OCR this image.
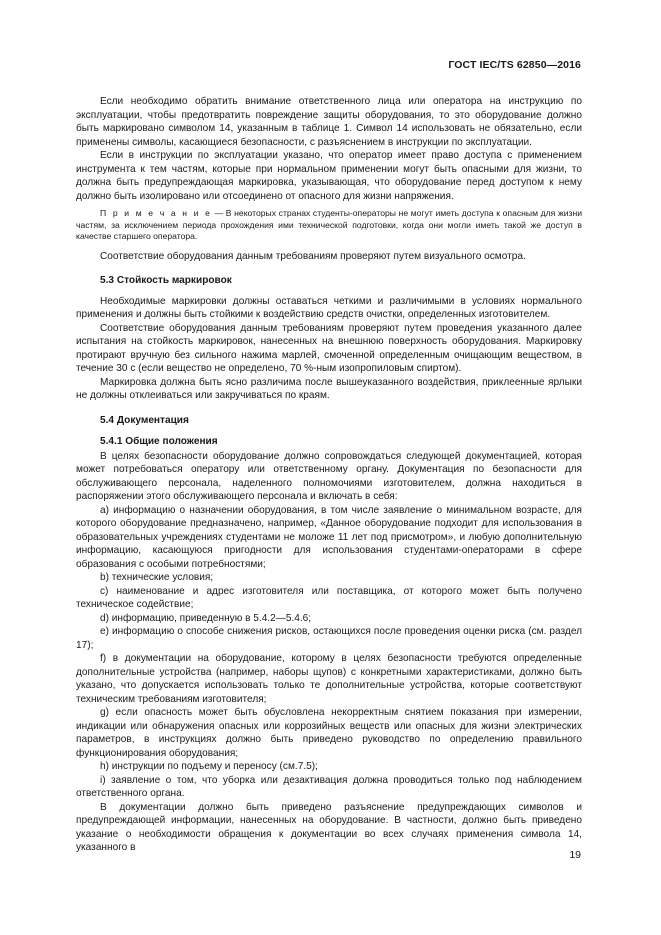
ГОСТ IEC/TS 62850—2016

Если необходимо обратить внимание ответственного лица или оператора на инструкцию по эксплуатации, чтобы предотвратить повреждение защиты оборудования, то это оборудование должно быть маркировано символом 14, указанным в таблице 1. Символ 14 использовать не обязательно, если применены символы, касающиеся безопасности, с разъяснением в инструкции по эксплуатации.

Если в инструкции по эксплуатации указано, что оператор имеет право доступа с применением инструмента к тем частям, которые при нормальном применении могут быть опасными для жизни, то должна быть предупреждающая маркировка, указывающая, что оборудование перед доступом к нему должно быть изолировано или отсоединено от опасного для жизни напряжения.

П р и м е ч а н и е — В некоторых странах студенты-операторы не могут иметь доступа к опасным для жизни частям, за исключением периода прохождения ими технической подготовки, когда они могли иметь такой же доступ в качестве старшего оператора.

Соответствие оборудования данным требованиям проверяют путем визуального осмотра.

5.3 Стойкость маркировок

Необходимые маркировки должны оставаться четкими и различимыми в условиях нормального применения и должны быть стойкими к воздействию средств очистки, определенных изготовителем.

Соответствие оборудования данным требованиям проверяют путем проведения указанного далее испытания на стойкость маркировок, нанесенных на внешнюю поверхность оборудования. Маркировку протирают вручную без сильного нажима марлей, смоченной определенным очищающим веществом, в течение 30 с (если вещество не определено, 70 %-ным изопропиловым спиртом).

Маркировка должна быть ясно различима после вышеуказанного воздействия, приклеенные ярлыки не должны отклеиваться или закручиваться по краям.

5.4 Документация

5.4.1 Общие положения

В целях безопасности оборудование должно сопровождаться следующей документацией, которая может потребоваться оператору или ответственному органу. Документация по безопасности для обслуживающего персонала, наделенного полномочиями изготовителем, должна находиться в распоряжении этого обслуживающего персонала и включать в себя:

a) информацию о назначении оборудования, в том числе заявление о минимальном возрасте, для которого оборудование предназначено, например, «Данное оборудование подходит для использования в образовательных учреждениях студентами не моложе 11 лет под присмотром», и любую дополнительную информацию, касающуюся пригодности для использования студентами-операторами в сфере образования с особыми потребностями;

b) технические условия;

c) наименование и адрес изготовителя или поставщика, от которого может быть получено техническое содействие;

d) информацию, приведенную в 5.4.2—5.4.6;

e) информацию о способе снижения рисков, остающихся после проведения оценки риска (см. раздел 17);

f) в документации на оборудование, которому в целях безопасности требуются определенные дополнительные устройства (например, наборы щупов) с конкретными характеристиками, должно быть указано, что допускается использовать только те дополнительные устройства, которые соответствуют техническим требованиям изготовителя;

g) если опасность может быть обусловлена некорректным снятием показания при измерении, индикации или обнаружения опасных или коррозийных веществ или опасных для жизни электрических параметров, в инструкциях должно быть приведено руководство по определению правильного функционирования оборудования;

h) инструкции по подъему и переносу (см.7.5);

i) заявление о том, что уборка или дезактивация должна проводиться только под наблюдением ответственного органа.

В документации должно быть приведено разъяснение предупреждающих символов и предупреждающей информации, нанесенных на оборудование. В частности, должно быть приведено указание о необходимости обращения к документации во всех случаях применения символа 14, указанного в

19
